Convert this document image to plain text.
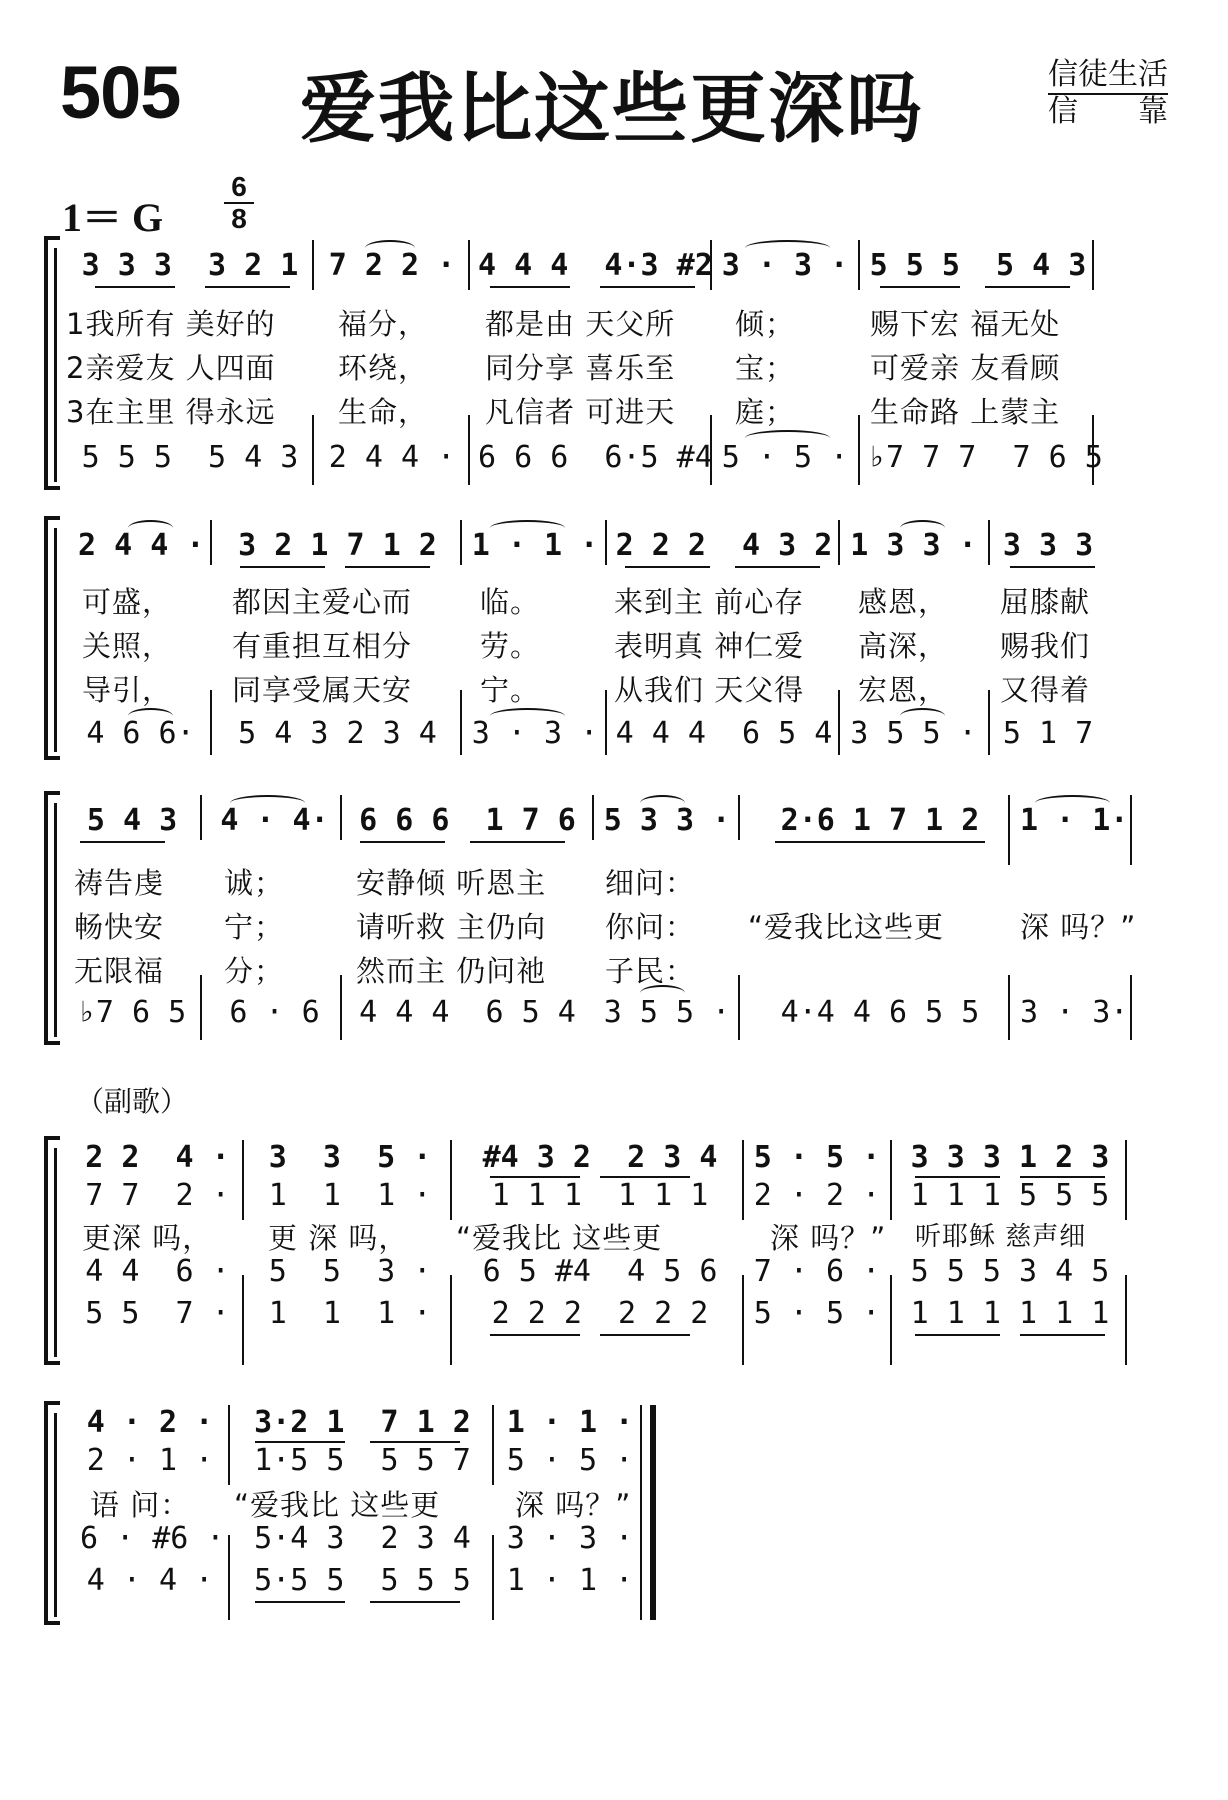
505 爱我比这些更深吗	信徒生活
信靠
1＝ G
6
8
3 3 3  3 2 1 7 2 2 · 4 4 4  4·3 #2 3 · 3 · 5 5 5  5 4 3
1我所有 美好的 福分， 都是由 天父所 倾；	赐下宏 福无处
2亲爱友 人四面 环绕， 同分享 喜乐至 宝；	可爱亲 友看顾
3在主里 得永远 生命， 凡信者 可进天 庭；	生命路 上蒙主
5 5 5  5 4 3 2 4 4 · 6 6 6  6·5 #4 5 · 5 · ♭7 7 7  7 6 5
2 4 4 ·	3 2 1 7 1 2	1 · 1 · 2 2 2  4 3 2 1 3 3 · 3 3 3
可盛， 都因主爱心而 临。	来到主 前心存 感恩， 屈膝献
关照， 有重担互相分 劳。	表明真 神仁爱 高深， 赐我们
导引， 同享受属天安 宁。	从我们 天父得 宏恩， 又得着
4 6 6·	5 4 3 2 3 4	3 · 3 · 4 4 4  6 5 4 3 5 5 · 5 1 7
5 4 3	4 · 4·	6 6 6  1 7 6 5 3 3 ·	2·6 1 7 1 2	1 · 1·
祷告虔 诚； 安静倾 听恩主 细问：
畅快安 宁； 请听救 主仍向 你问： “爱我比这些更	深 吗？”
无限福 分； 然而主 仍问祂 子民：
♭7 6 5	6 · 6	4 4 4  6 5 4 3 5 5 ·	4·4 4 6 5 5	3 · 3·
（副歌）
2 2  4 ·	3  3  5 ·	#4 3 2  2 3 4	5 · 5 ·	3 3 3 1 2 3
7 7  2 ·	1  1  1 ·	1 1 1  1 1 1	2 · 2 ·	1 1 1 5 5 5
更深 吗， 更 深 吗， “爱我比 这些更	深 吗？” 听耶稣 慈声细
4 4  6 ·	5  5  3 ·	6 5 #4  4 5 6	7 · 6 ·	5 5 5 3 4 5
5 5  7 ·	1  1  1 ·	2 2 2  2 2 2	5 · 5 ·	1 1 1 1 1 1
4 · 2 ·	3·2 1  7 1 2	1 · 1 ·
2 · 1 ·	1·5 5  5 5 7	5 · 5 ·
语 问： “爱我比 这些更	深 吗？”
6 · #6 · 5·4 3  2 3 4	3 · 3 ·
4 · 4 ·	5·5 5  5 5 5	1 · 1 ·
